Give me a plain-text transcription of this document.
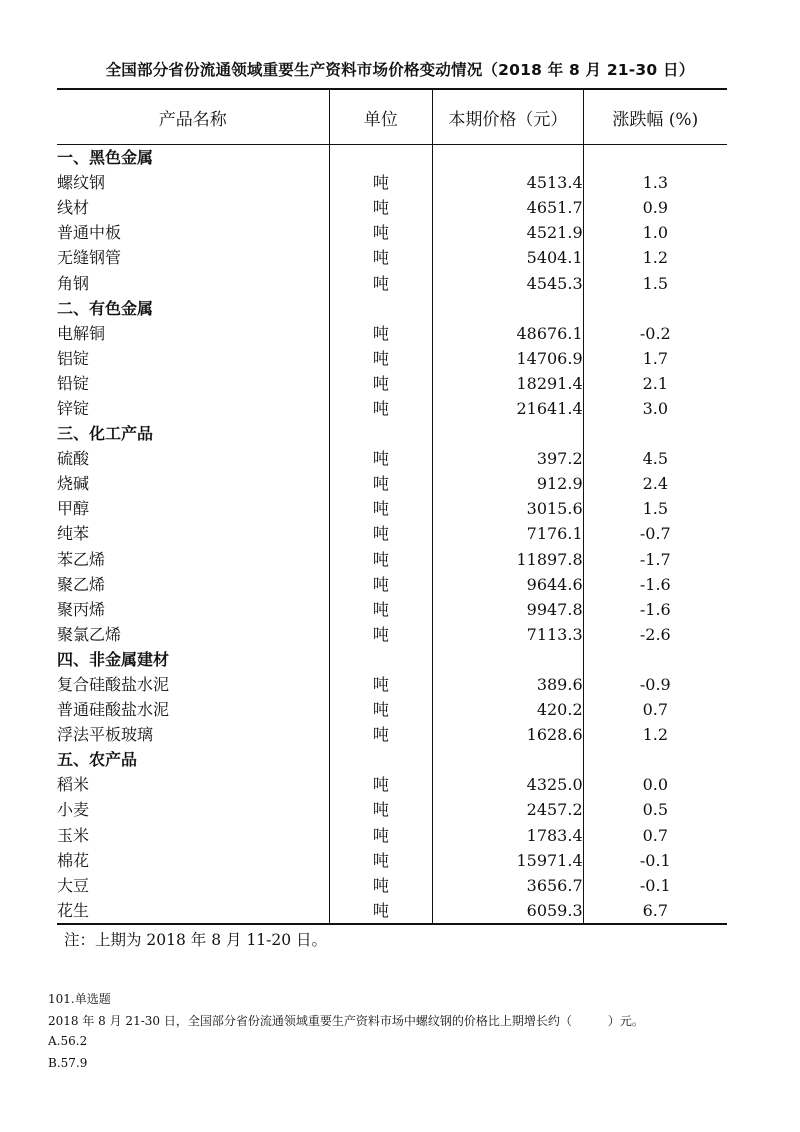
全国部分省份流通领域重要生产资料市场价格变动情况（2018 年 8 月 21-30 日）
产品名称	单位	本期价格（元）	涨跌幅 (%)
一、黑色金属			
螺纹钢	吨	4513.4	1.3
线材	吨	4651.7	0.9
普通中板	吨	4521.9	1.0
无缝钢管	吨	5404.1	1.2
角钢	吨	4545.3	1.5
二、有色金属			
电解铜	吨	48676.1	-0.2
铝锭	吨	14706.9	1.7
铅锭	吨	18291.4	2.1
锌锭	吨	21641.4	3.0
三、化工产品			
硫酸	吨	397.2	4.5
烧碱	吨	912.9	2.4
甲醇	吨	3015.6	1.5
纯苯	吨	7176.1	-0.7
苯乙烯	吨	11897.8	-1.7
聚乙烯	吨	9644.6	-1.6
聚丙烯	吨	9947.8	-1.6
聚氯乙烯	吨	7113.3	-2.6
四、非金属建材			
复合硅酸盐水泥	吨	389.6	-0.9
普通硅酸盐水泥	吨	420.2	0.7
浮法平板玻璃	吨	1628.6	1.2
五、农产品			
稻米	吨	4325.0	0.0
小麦	吨	2457.2	0.5
玉米	吨	1783.4	0.7
棉花	吨	15971.4	-0.1
大豆	吨	3656.7	-0.1
花生	吨	6059.3	6.7
注：上期为 2018 年 8 月 11-20 日。
101.单选题
2018 年 8 月 21-30 日，全国部分省份流通领域重要生产资料市场中螺纹钢的价格比上期增长约（　　　）元。
A.56.2
B.57.9
